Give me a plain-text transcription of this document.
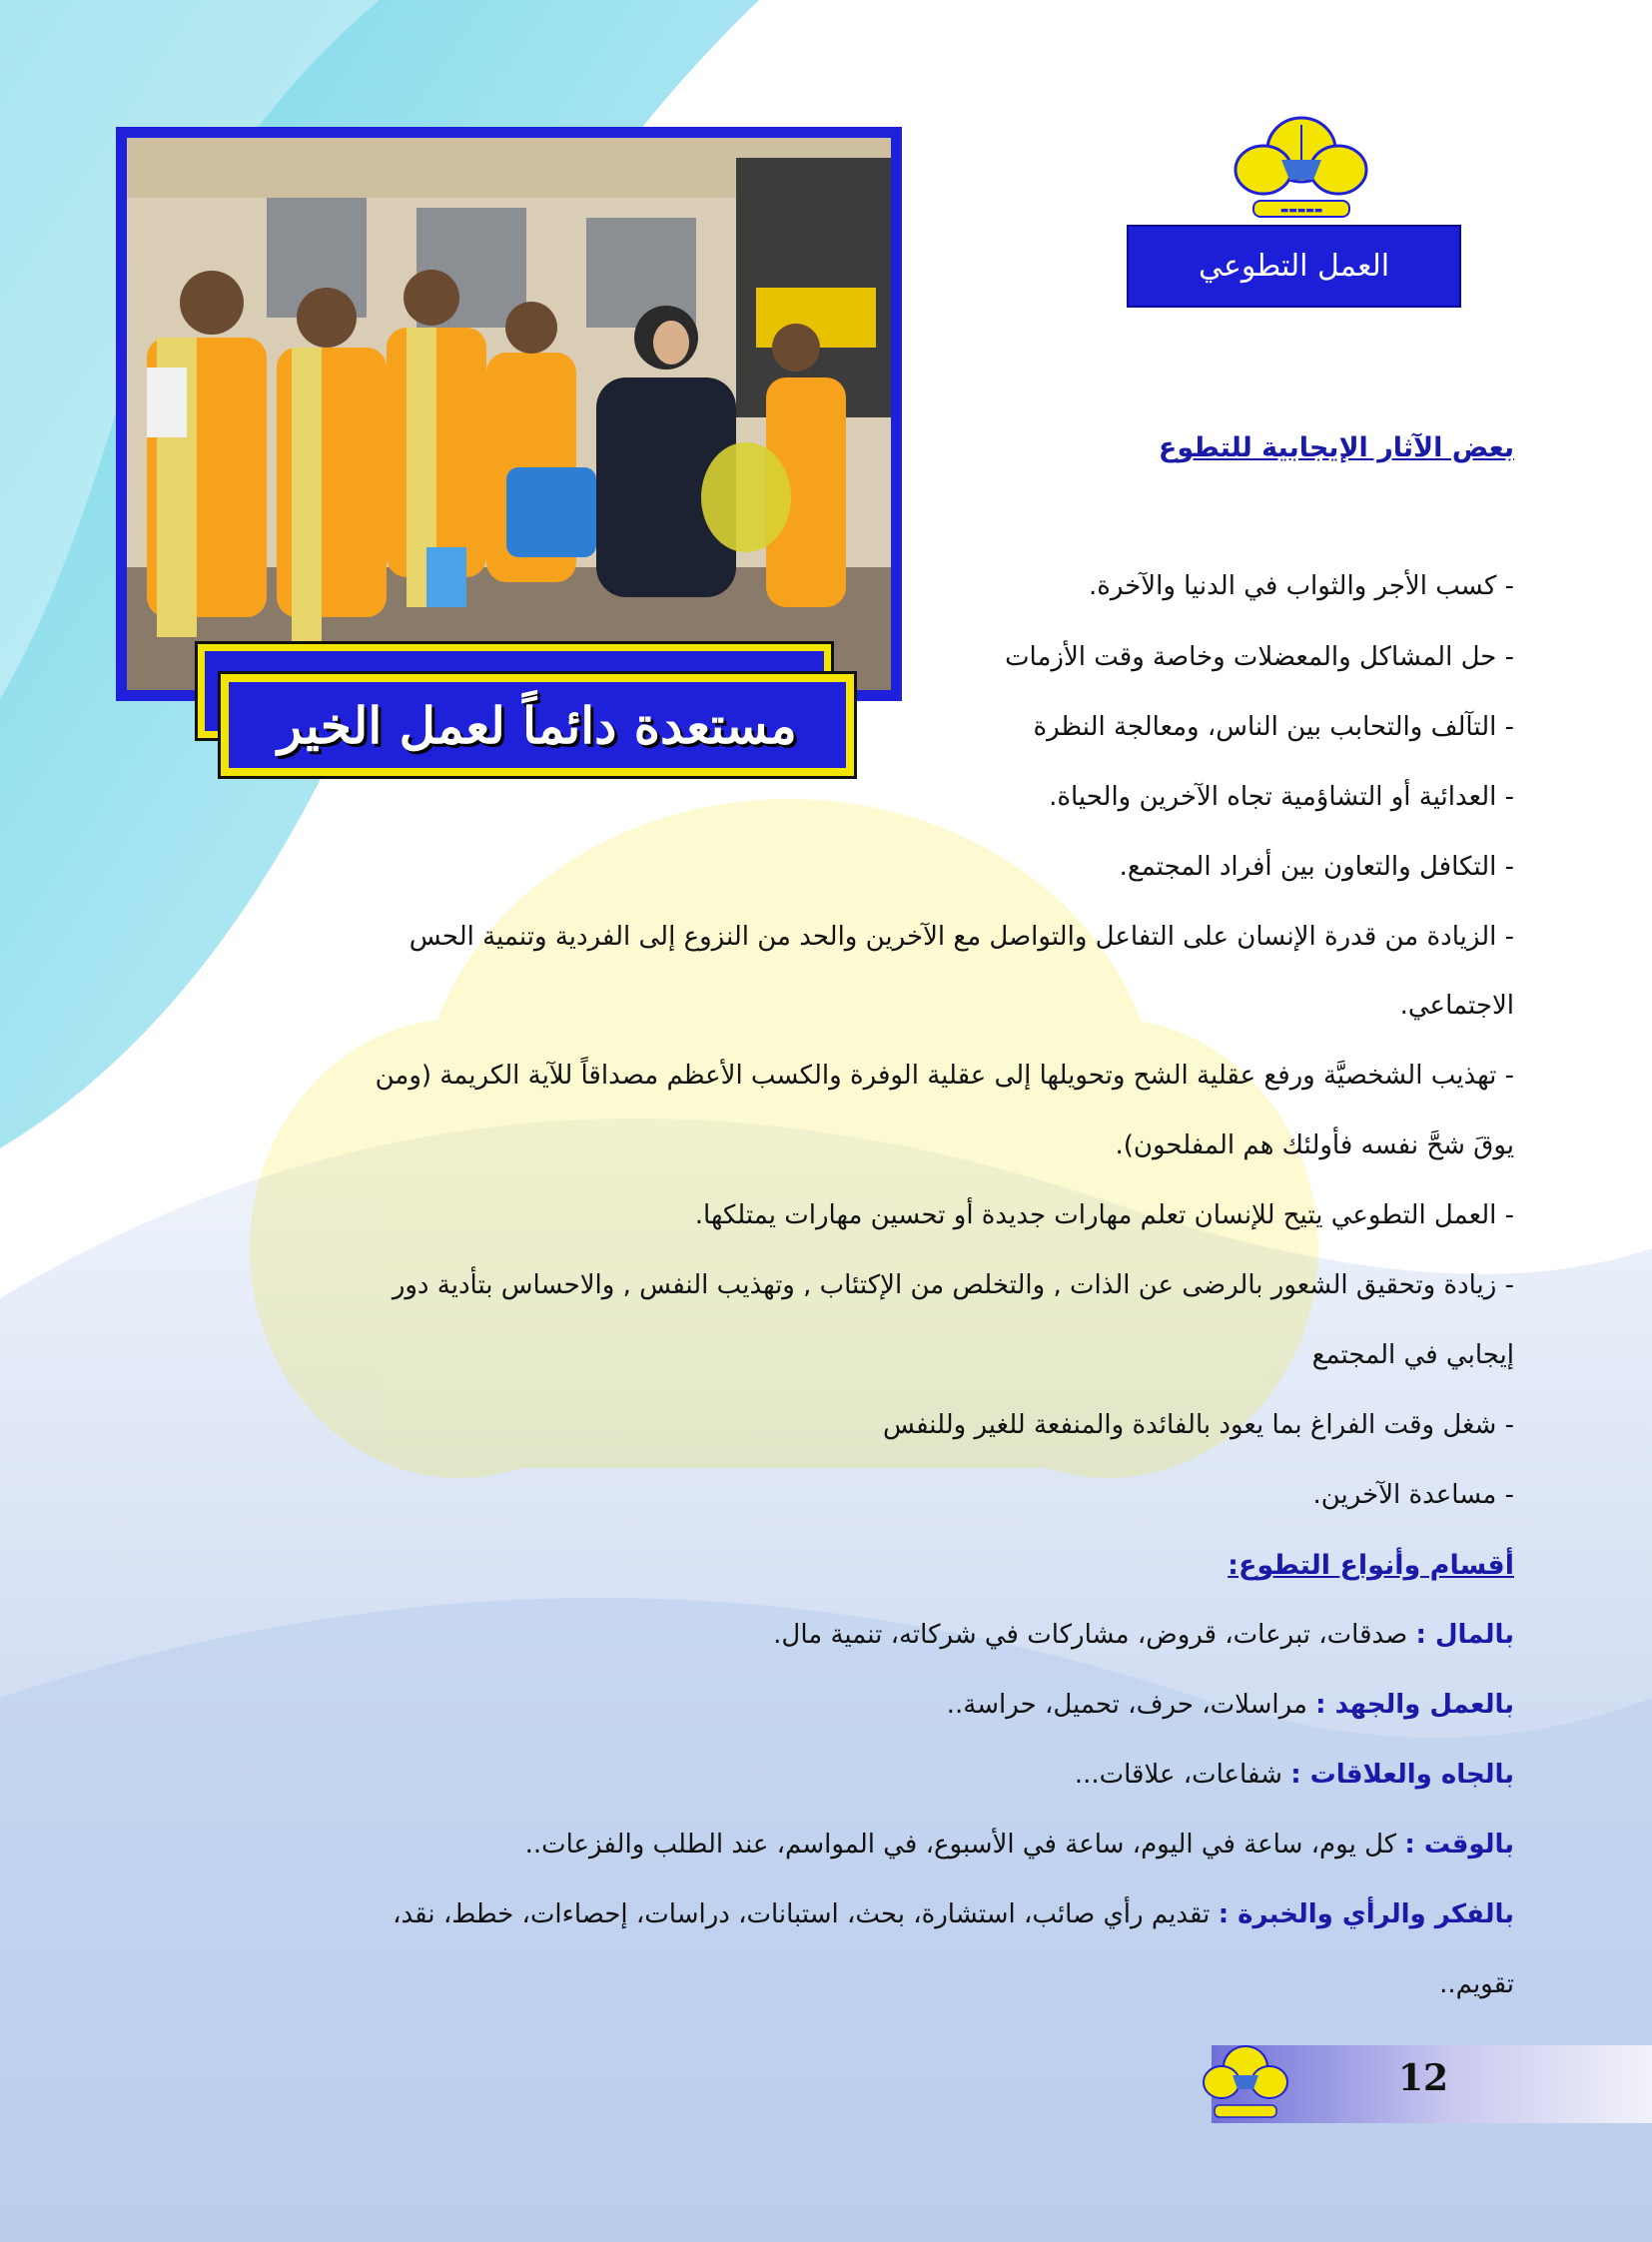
▬▬▬▬▬
العمل التطوعي
مستعدة دائماً لعمل الخير
بعض الآثار الإيجابية للتطوع
- كسب الأجر والثواب في الدنيا والآخرة.
- حل المشاكل والمعضلات وخاصة وقت الأزمات
- التآلف والتحابب بين الناس، ومعالجة النظرة
- العدائية أو التشاؤمية تجاه الآخرين والحياة.
- التكافل والتعاون بين أفراد المجتمع.
- الزيادة من قدرة الإنسان على التفاعل والتواصل مع الآخرين والحد من النزوع إلى الفردية وتنمية الحس
الاجتماعي.
- تهذيب الشخصيَّة ورفع عقلية الشح وتحويلها إلى عقلية الوفرة والكسب الأعظم مصداقاً للآية الكريمة (ومن
يوقَ شحَّ نفسه فأولئك هم المفلحون).
- العمل التطوعي يتيح للإنسان تعلم مهارات جديدة أو تحسين مهارات يمتلكها.
- زيادة وتحقيق الشعور بالرضى عن الذات , والتخلص من الإكتئاب , وتهذيب النفس , والاحساس بتأدية دور
إيجابي في المجتمع
- شغل وقت الفراغ بما يعود بالفائدة والمنفعة للغير وللنفس
- مساعدة الآخرين.
أقسام وأنواع التطوع:
بالمال : صدقات، تبرعات، قروض، مشاركات في شركاته، تنمية مال.
بالعمل والجهد : مراسلات، حرف، تحميل، حراسة..
بالجاه والعلاقات : شفاعات، علاقات...
بالوقت : كل يوم، ساعة في اليوم، ساعة في الأسبوع، في المواسم، عند الطلب والفزعات..
بالفكر والرأي والخبرة : تقديم رأي صائب، استشارة، بحث، استبانات، دراسات، إحصاءات، خطط، نقد،
تقويم..
12
